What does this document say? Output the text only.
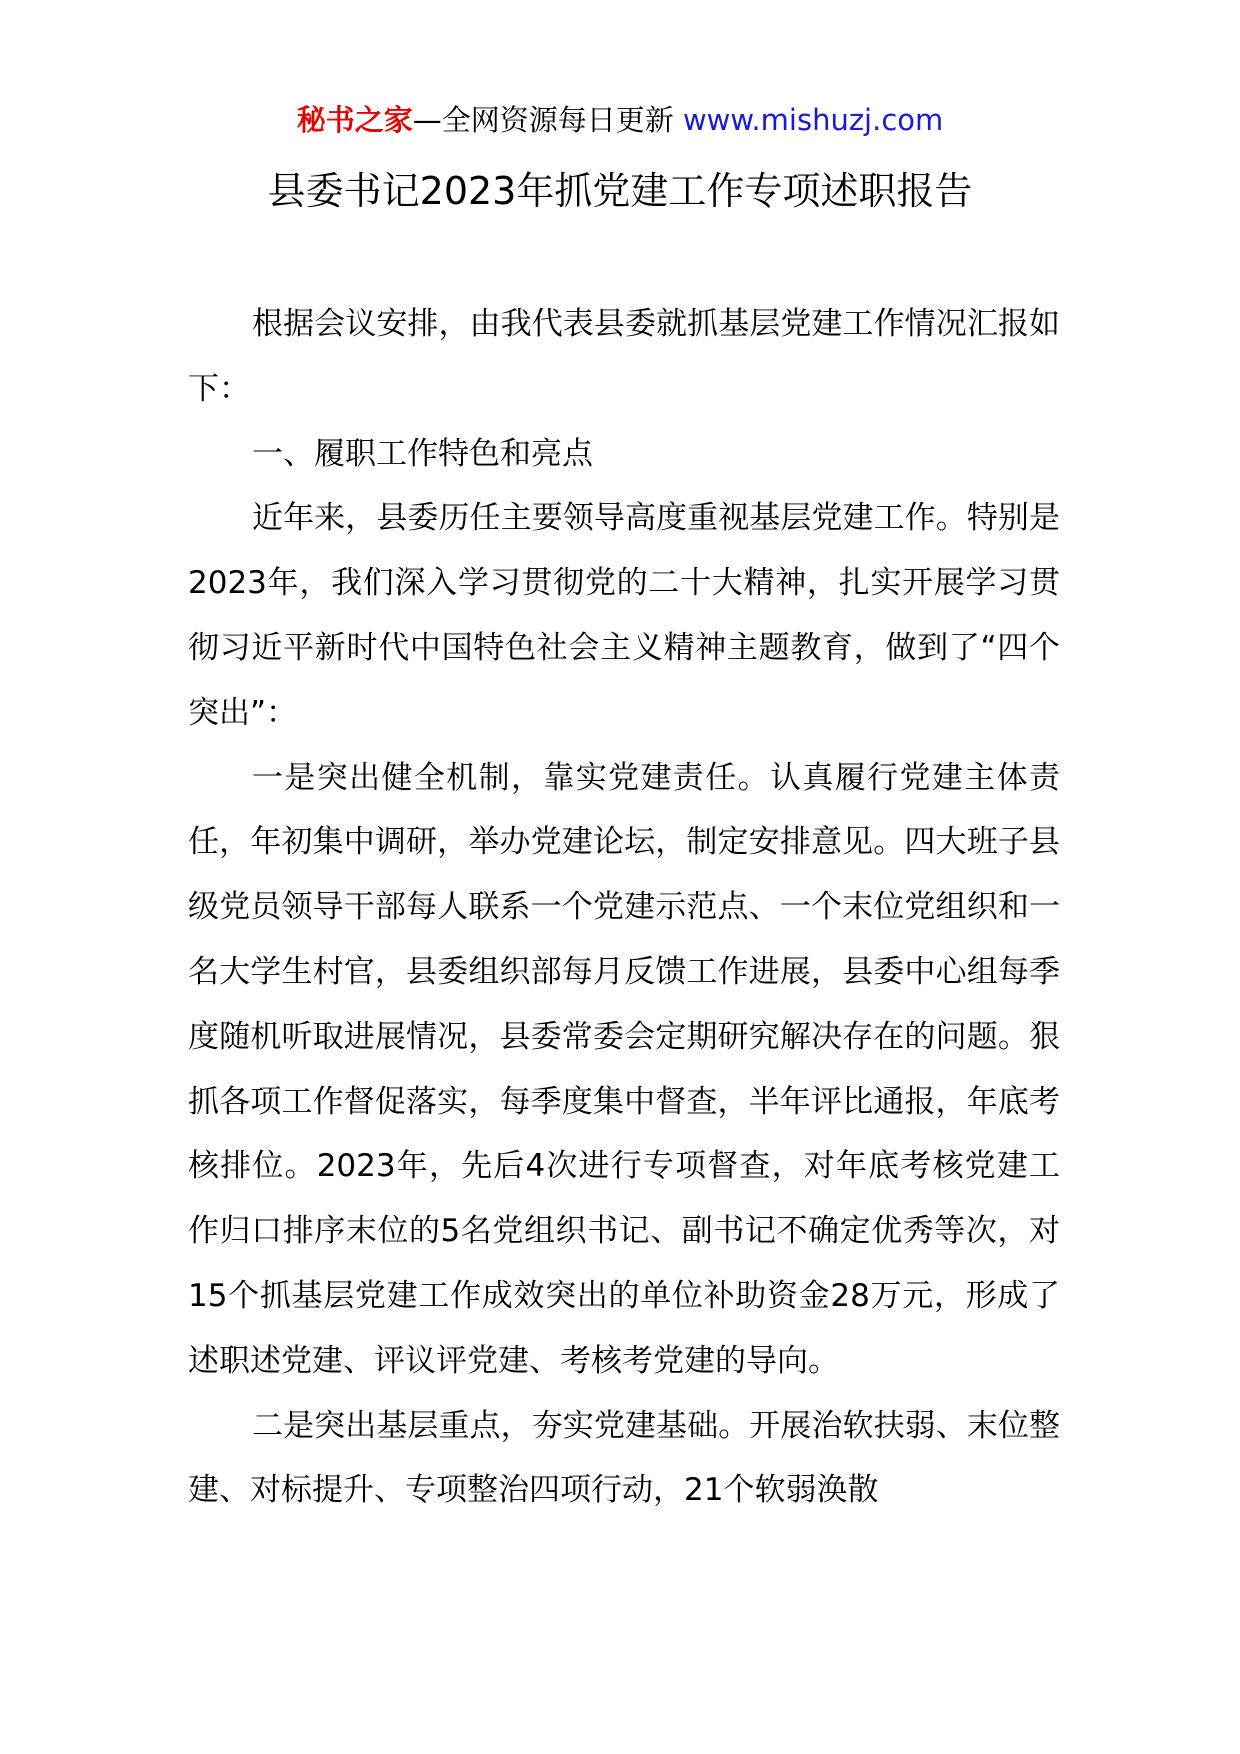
秘书之家—全网资源每日更新 www.mishuzj.com
县委书记2023年抓党建工作专项述职报告

根据会议安排，由我代表县委就抓基层党建工作情况汇报如下：

一、履职工作特色和亮点

近年来，县委历任主要领导高度重视基层党建工作。特别是2023年，我们深入学习贯彻党的二十大精神，扎实开展学习贯彻习近平新时代中国特色社会主义精神主题教育，做到了“四个突出”：

一是突出健全机制，靠实党建责任。认真履行党建主体责任，年初集中调研，举办党建论坛，制定安排意见。四大班子县级党员领导干部每人联系一个党建示范点、一个末位党组织和一名大学生村官，县委组织部每月反馈工作进展，县委中心组每季度随机听取进展情况，县委常委会定期研究解决存在的问题。狠抓各项工作督促落实，每季度集中督查，半年评比通报，年底考核排位。2023年，先后4次进行专项督查，对年底考核党建工作归口排序末位的5名党组织书记、副书记不确定优秀等次，对15个抓基层党建工作成效突出的单位补助资金28万元，形成了述职述党建、评议评党建、考核考党建的导向。

二是突出基层重点，夯实党建基础。开展治软扶弱、末位整建、对标提升、专项整治四项行动，21个软弱涣散
